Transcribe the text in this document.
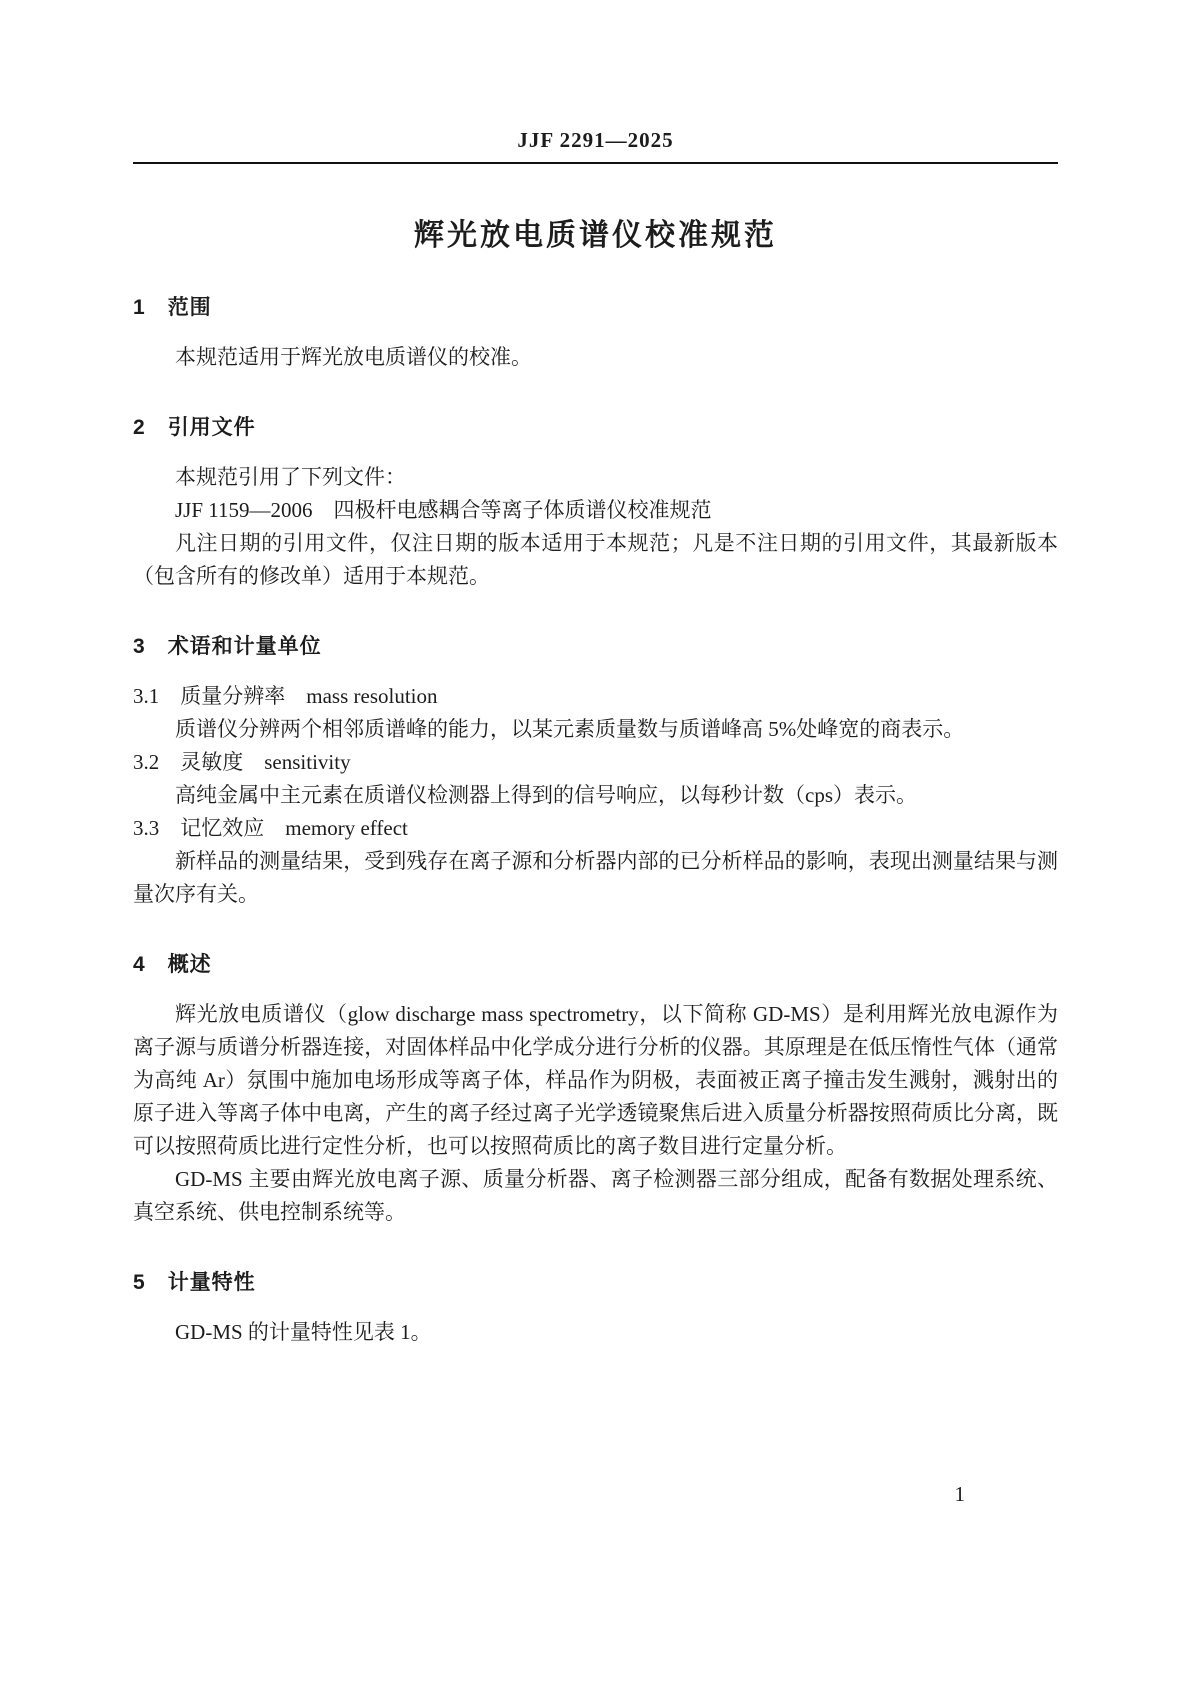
JJF 2291—2025
辉光放电质谱仪校准规范
1 范围

本规范适用于辉光放电质谱仪的校准。

2 引用文件

本规范引用了下列文件：

JJF 1159—2006　四极杆电感耦合等离子体质谱仪校准规范

凡注日期的引用文件，仅注日期的版本适用于本规范；凡是不注日期的引用文件，其最新版本（包含所有的修改单）适用于本规范。

3 术语和计量单位

3.1　质量分辨率　mass resolution

质谱仪分辨两个相邻质谱峰的能力，以某元素质量数与质谱峰高 5%处峰宽的商表示。

3.2　灵敏度　sensitivity

高纯金属中主元素在质谱仪检测器上得到的信号响应，以每秒计数（cps）表示。

3.3　记忆效应　memory effect

新样品的测量结果，受到残存在离子源和分析器内部的已分析样品的影响，表现出测量结果与测量次序有关。

4 概述

辉光放电质谱仪（glow discharge mass spectrometry，以下简称 GD-MS）是利用辉光放电源作为离子源与质谱分析器连接，对固体样品中化学成分进行分析的仪器。其原理是在低压惰性气体（通常为高纯 Ar）氛围中施加电场形成等离子体，样品作为阴极，表面被正离子撞击发生溅射，溅射出的原子进入等离子体中电离，产生的离子经过离子光学透镜聚焦后进入质量分析器按照荷质比分离，既可以按照荷质比进行定性分析，也可以按照荷质比的离子数目进行定量分析。

GD-MS 主要由辉光放电离子源、质量分析器、离子检测器三部分组成，配备有数据处理系统、真空系统、供电控制系统等。

5 计量特性

GD-MS 的计量特性见表 1。

1
